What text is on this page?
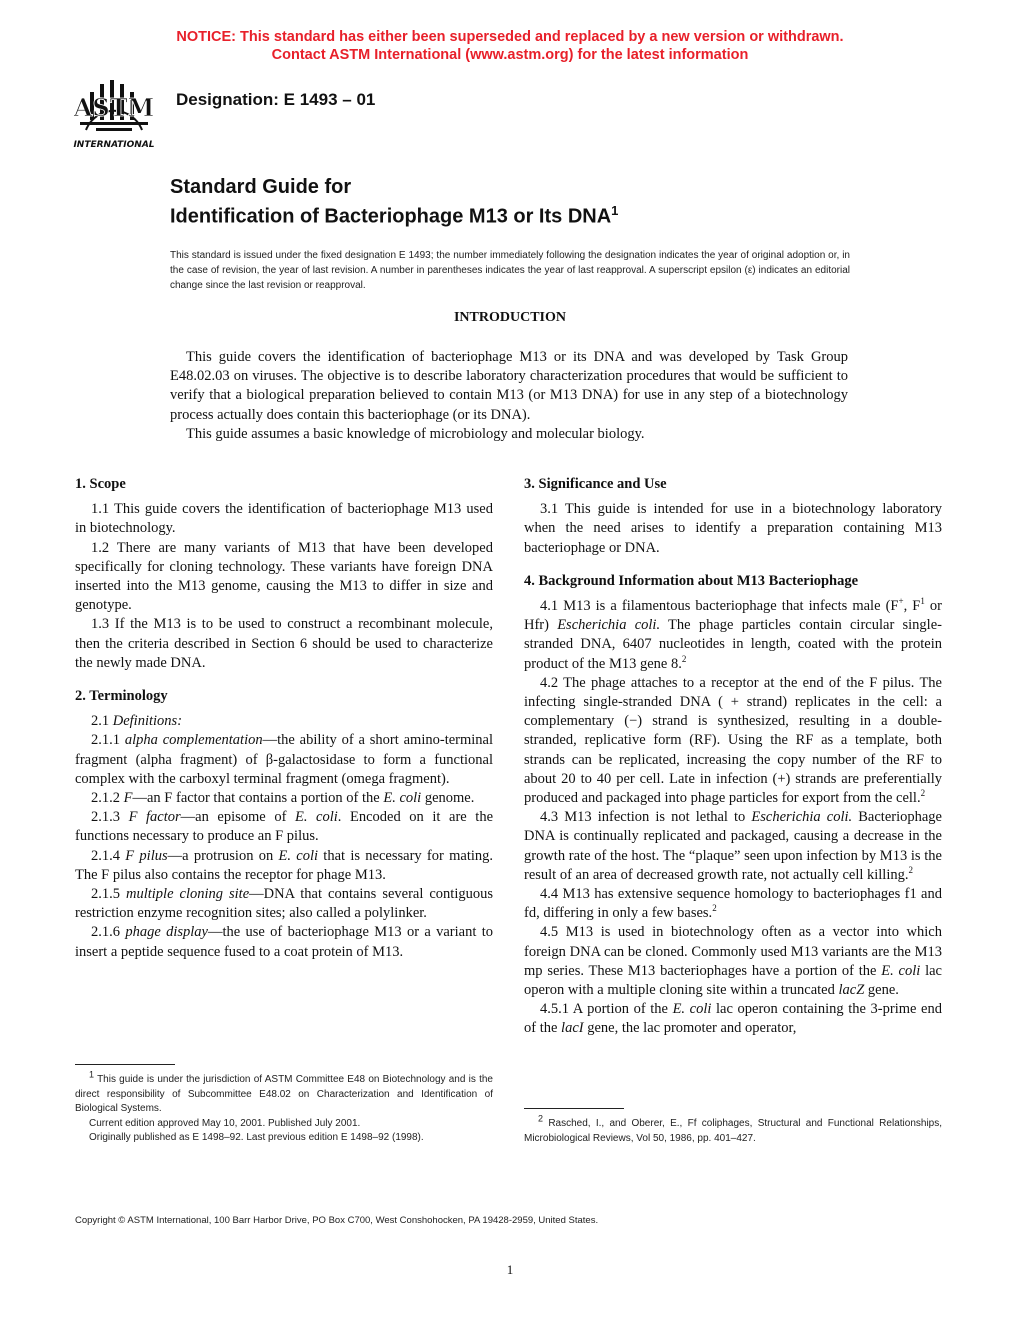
NOTICE: This standard has either been superseded and replaced by a new version or withdrawn.
Contact ASTM International (www.astm.org) for the latest information
ASTM
INTERNATIONAL
Designation: E 1493 – 01
Standard Guide for
Identification of Bacteriophage M13 or Its DNA$^1$
This standard is issued under the fixed designation E 1493; the number immediately following the designation indicates the year of original adoption or, in the case of revision, the year of last revision. A number in parentheses indicates the year of last reapproval. A superscript epsilon (ε) indicates an editorial change since the last revision or reapproval.
INTRODUCTION

This guide covers the identification of bacteriophage M13 or its DNA and was developed by Task Group E48.02.03 on viruses. The objective is to describe laboratory characterization procedures that would be sufficient to verify that a biological preparation believed to contain M13 (or M13 DNA) for use in any step of a biotechnology process actually does contain this bacteriophage (or its DNA).

This guide assumes a basic knowledge of microbiology and molecular biology.

1. Scope

1.1 This guide covers the identification of bacteriophage M13 used in biotechnology.

1.2 There are many variants of M13 that have been developed specifically for cloning technology. These variants have foreign DNA inserted into the M13 genome, causing the M13 to differ in size and genotype.

1.3 If the M13 is to be used to construct a recombinant molecule, then the criteria described in Section 6 should be used to characterize the newly made DNA.

2. Terminology

2.1 Definitions:

2.1.1 alpha complementation—the ability of a short amino-terminal fragment (alpha fragment) of β-galactosidase to form a functional complex with the carboxyl terminal fragment (omega fragment).

2.1.2 F—an F factor that contains a portion of the E. coli genome.

2.1.3 F factor—an episome of E. coli. Encoded on it are the functions necessary to produce an F pilus.

2.1.4 F pilus—a protrusion on E. coli that is necessary for mating. The F pilus also contains the receptor for phage M13.

2.1.5 multiple cloning site—DNA that contains several contiguous restriction enzyme recognition sites; also called a polylinker.

2.1.6 phage display—the use of bacteriophage M13 or a variant to insert a peptide sequence fused to a coat protein of M13.

3. Significance and Use

3.1 This guide is intended for use in a biotechnology laboratory when the need arises to identify a preparation containing M13 bacteriophage or DNA.

4. Background Information about M13 Bacteriophage

4.1 M13 is a filamentous bacteriophage that infects male (F+, $F^1$ or Hfr) Escherichia coli. The phage particles contain circular single-stranded DNA, 6407 nucleotides in length, coated with the protein product of the M13 gene 8.$^2$

4.2 The phage attaches to a receptor at the end of the F pilus. The infecting single-stranded DNA ( + strand) replicates in the cell: a complementary (−) strand is synthesized, resulting in a double-stranded, replicative form (RF). Using the RF as a template, both strands can be replicated, increasing the copy number of the RF to about 20 to 40 per cell. Late in infection (+) strands are preferentially produced and packaged into phage particles for export from the cell.$^2$

4.3 M13 infection is not lethal to Escherichia coli. Bacteriophage DNA is continually replicated and packaged, causing a decrease in the growth rate of the host. The “plaque” seen upon infection by M13 is the result of an area of decreased growth rate, not actually cell killing.$^2$

4.4 M13 has extensive sequence homology to bacteriophages f1 and fd, differing in only a few bases.$^2$

4.5 M13 is used in biotechnology often as a vector into which foreign DNA can be cloned. Commonly used M13 variants are the M13 mp series. These M13 bacteriophages have a portion of the E. coli lac operon with a multiple cloning site within a truncated lacZ gene.

4.5.1 A portion of the E. coli lac operon containing the 3-prime end of the lacI gene, the lac promoter and operator,

$^1$ This guide is under the jurisdiction of ASTM Committee E48 on Biotechnology and is the direct responsibility of Subcommittee E48.02 on Characterization and Identification of Biological Systems.

Current edition approved May 10, 2001. Published July 2001.

Originally published as E 1498–92. Last previous edition E 1498–92 (1998).

$^2$ Rasched, I., and Oberer, E., Ff coliphages, Structural and Functional Relationships, Microbiological Reviews, Vol 50, 1986, pp. 401–427.

Copyright © ASTM International, 100 Barr Harbor Drive, PO Box C700, West Conshohocken, PA 19428-2959, United States.
1
